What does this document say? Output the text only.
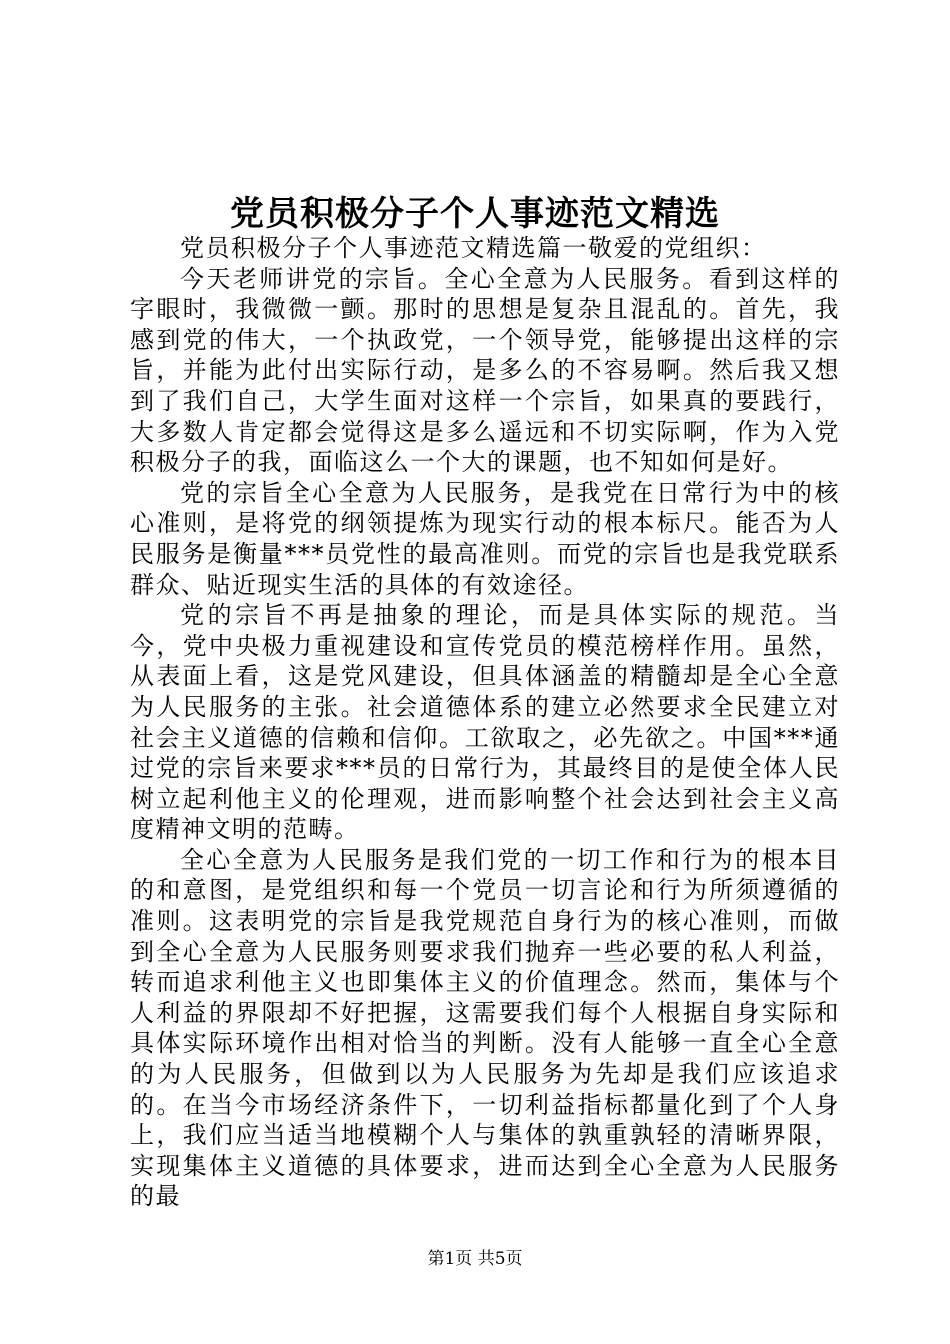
党员积极分子个人事迹范文精选

党员积极分子个人事迹范文精选篇一敬爱的党组织：

今天老师讲党的宗旨。全心全意为人民服务。看到这样的字眼时，我微微一颤。那时的思想是复杂且混乱的。首先，我感到党的伟大，一个执政党，一个领导党，能够提出这样的宗旨，并能为此付出实际行动，是多么的不容易啊。然后我又想到了我们自己，大学生面对这样一个宗旨，如果真的要践行，大多数人肯定都会觉得这是多么遥远和不切实际啊，作为入党积极分子的我，面临这么一个大的课题，也不知如何是好。

党的宗旨全心全意为人民服务，是我党在日常行为中的核心准则，是将党的纲领提炼为现实行动的根本标尺。能否为人民服务是衡量***员党性的最高准则。而党的宗旨也是我党联系群众、贴近现实生活的具体的有效途径。

党的宗旨不再是抽象的理论，而是具体实际的规范。当今，党中央极力重视建设和宣传党员的模范榜样作用。虽然，从表面上看，这是党风建设，但具体涵盖的精髓却是全心全意为人民服务的主张。社会道德体系的建立必然要求全民建立对社会主义道德的信赖和信仰。工欲取之，必先欲之。中国***通过党的宗旨来要求***员的日常行为，其最终目的是使全体人民树立起利他主义的伦理观，进而影响整个社会达到社会主义高度精神文明的范畴。

全心全意为人民服务是我们党的一切工作和行为的根本目的和意图，是党组织和每一个党员一切言论和行为所须遵循的准则。这表明党的宗旨是我党规范自身行为的核心准则，而做到全心全意为人民服务则要求我们抛弃一些必要的私人利益，转而追求利他主义也即集体主义的价值理念。然而，集体与个人利益的界限却不好把握，这需要我们每个人根据自身实际和具体实际环境作出相对恰当的判断。没有人能够一直全心全意的为人民服务，但做到以为人民服务为先却是我们应该追求的。在当今市场经济条件下，一切利益指标都量化到了个人身上，我们应当适当地模糊个人与集体的孰重孰轻的清晰界限，实现集体主义道德的具体要求，进而达到全心全意为人民服务的最

第1页 共5页
